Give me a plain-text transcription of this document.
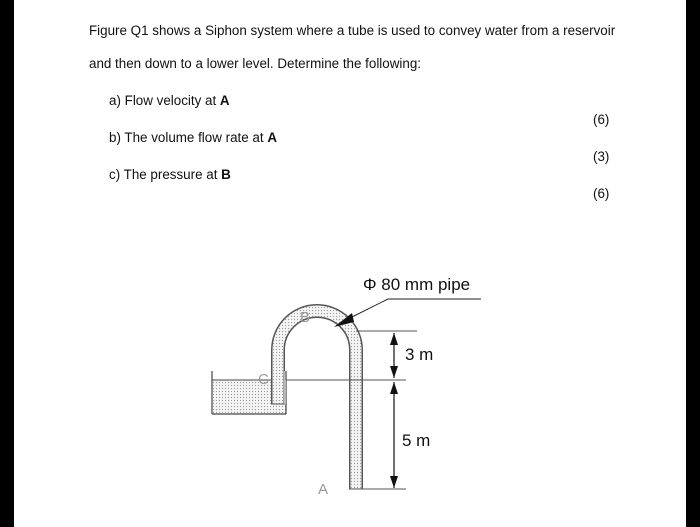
Figure Q1 shows a Siphon system where a tube is used to convey water from a reservoir and then down to a lower level. Determine the following:
a) Flow velocity at A
(6)
b) The volume flow rate at A
(3)
c) The pressure at B
(6)
B
C
A
Φ 80 mm pipe
3 m
5 m
